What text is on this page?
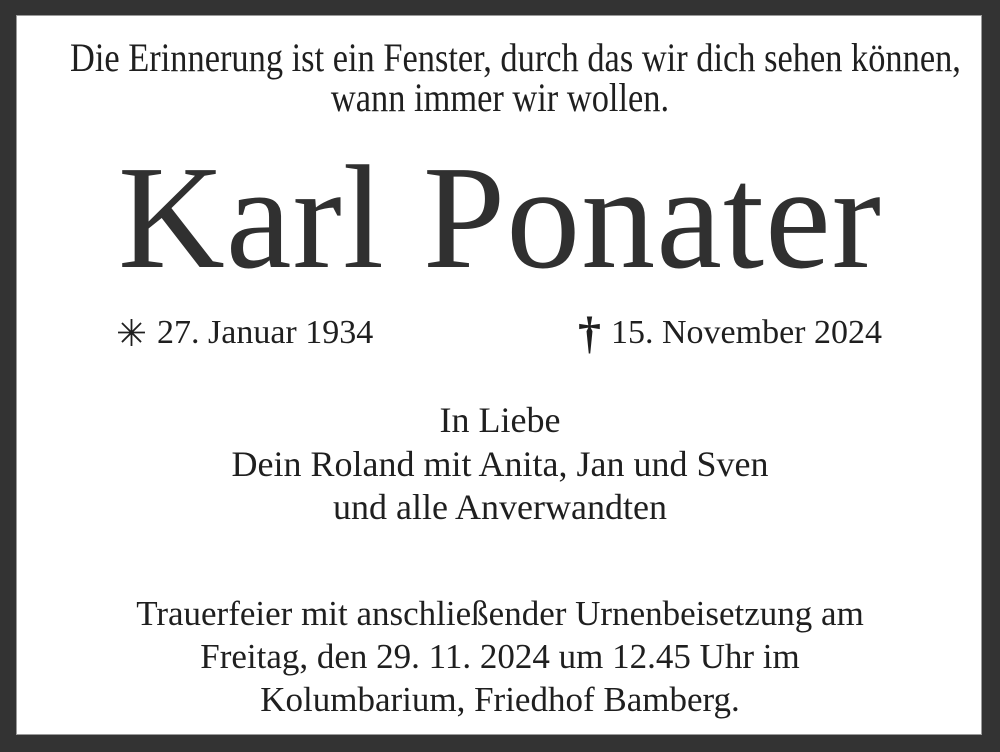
Die Erinnerung ist ein Fenster, durch das wir dich sehen können,
wann immer wir wollen.
Karl Ponater
✳ 27. Januar 1934	† 15. November 2024
In Liebe
Dein Roland mit Anita, Jan und Sven
und alle Anverwandten
Trauerfeier mit anschließender Urnenbeisetzung am
Freitag, den 29. 11. 2024 um 12.45 Uhr im
Kolumbarium, Friedhof Bamberg.
